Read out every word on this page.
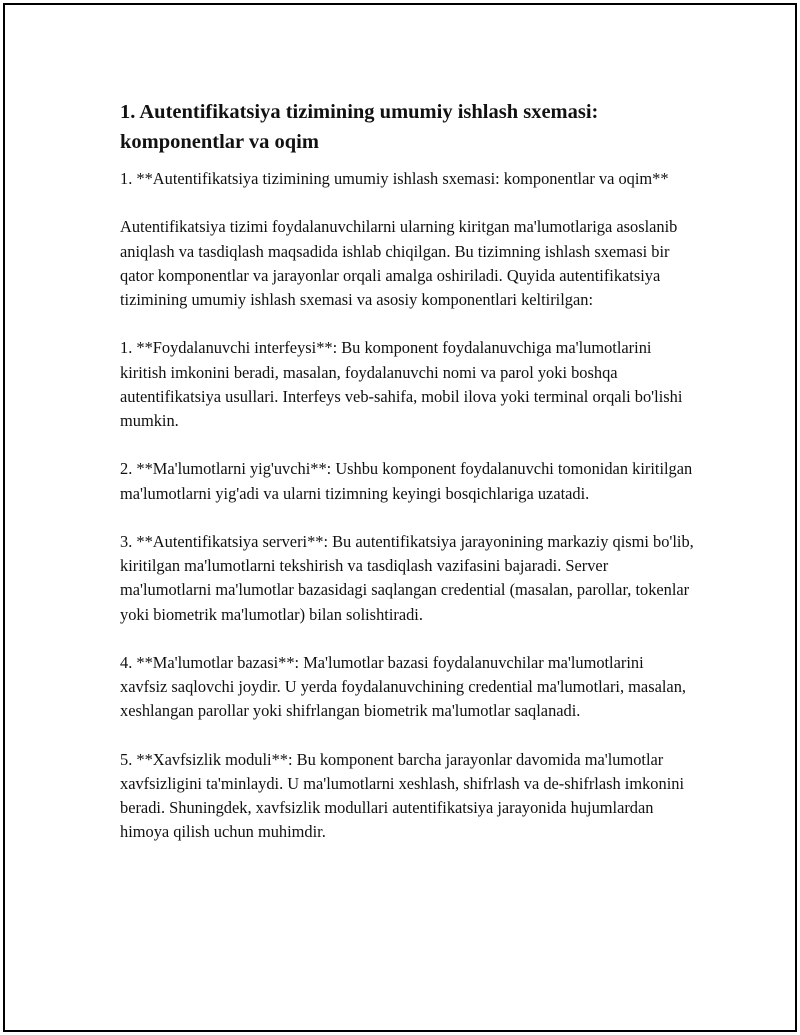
1. Autentifikatsiya tizimining umumiy ishlash sxemasi: komponentlar va oqim

1. **Autentifikatsiya tizimining umumiy ishlash sxemasi: komponentlar va oqim**

Autentifikatsiya tizimi foydalanuvchilarni ularning kiritgan ma'lumotlariga asoslanib aniqlash va tasdiqlash maqsadida ishlab chiqilgan. Bu tizimning ishlash sxemasi bir qator komponentlar va jarayonlar orqali amalga oshiriladi. Quyida autentifikatsiya tizimining umumiy ishlash sxemasi va asosiy komponentlari keltirilgan:

1. **Foydalanuvchi interfeysi**: Bu komponent foydalanuvchiga ma'lumotlarini kiritish imkonini beradi, masalan, foydalanuvchi nomi va parol yoki boshqa autentifikatsiya usullari. Interfeys veb-sahifa, mobil ilova yoki terminal orqali bo'lishi mumkin.

2. **Ma'lumotlarni yig'uvchi**: Ushbu komponent foydalanuvchi tomonidan kiritilgan ma'lumotlarni yig'adi va ularni tizimning keyingi bosqichlariga uzatadi.

3. **Autentifikatsiya serveri**: Bu autentifikatsiya jarayonining markaziy qismi bo'lib, kiritilgan ma'lumotlarni tekshirish va tasdiqlash vazifasini bajaradi. Server ma'lumotlarni ma'lumotlar bazasidagi saqlangan credential (masalan, parollar, tokenlar yoki biometrik ma'lumotlar) bilan solishtiradi.

4. **Ma'lumotlar bazasi**: Ma'lumotlar bazasi foydalanuvchilar ma'lumotlarini xavfsiz saqlovchi joydir. U yerda foydalanuvchining credential ma'lumotlari, masalan, xeshlangan parollar yoki shifrlangan biometrik ma'lumotlar saqlanadi.

5. **Xavfsizlik moduli**: Bu komponent barcha jarayonlar davomida ma'lumotlar xavfsizligini ta'minlaydi. U ma'lumotlarni xeshlash, shifrlash va de-shifrlash imkonini beradi. Shuningdek, xavfsizlik modullari autentifikatsiya jarayonida hujumlardan himoya qilish uchun muhimdir.
